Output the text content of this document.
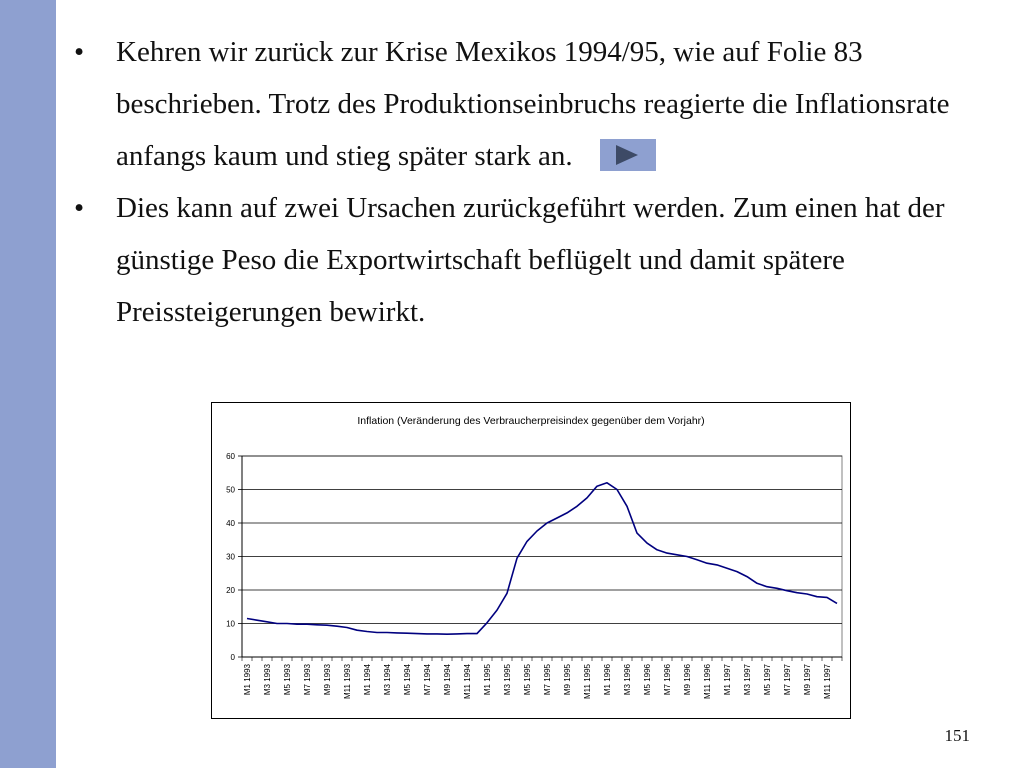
•	Kehren wir zurück zur Krise Mexikos 1994/95, wie auf Folie 83 beschrieben. Trotz des Produktionseinbruchs reagierte die Inflationsrate anfangs kaum und stieg später stark an.
•	Dies kann auf zwei Ursachen zurückgeführt werden. Zum einen hat der günstige Peso die Exportwirtschaft beflügelt und damit spätere Preissteigerungen bewirkt.
Inflation (Veränderung des Verbraucherpreisindex gegenüber dem Vorjahr)
0
10
20
30
40
50
60
M1 1993 M3 1993 M5 1993 M7 1993 M9 1993 M11 1993 M1 1994 M3 1994 M5 1994 M7 1994 M9 1994 M11 1994 M1 1995 M3 1995 M5 1995 M7 1995 M9 1995 M11 1995 M1 1996 M3 1996 M5 1996 M7 1996 M9 1996 M11 1996 M1 1997 M3 1997 M5 1997 M7 1997 M9 1997 M11 1997
151
